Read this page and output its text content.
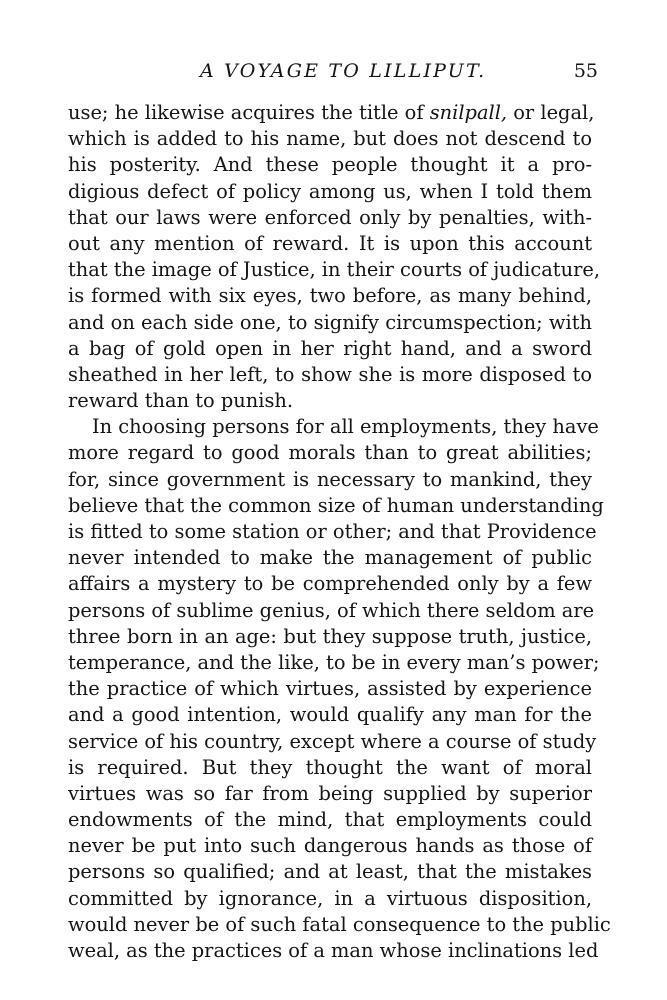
A VOYAGE TO LILLIPUT.	55
use; he likewise acquires the title of snilpall, or legal,
which is added to his name, but does not descend to
his posterity. And these people thought it a pro-
digious defect of policy among us, when I told them
that our laws were enforced only by penalties, with-
out any mention of reward. It is upon this account
that the image of Justice, in their courts of judicature,
is formed with six eyes, two before, as many behind,
and on each side one, to signify circumspection; with
a bag of gold open in her right hand, and a sword
sheathed in her left, to show she is more disposed to
reward than to punish.
In choosing persons for all employments, they have
more regard to good morals than to great abilities;
for, since government is necessary to mankind, they
believe that the common size of human understanding
is fitted to some station or other; and that Providence
never intended to make the management of public
affairs a mystery to be comprehended only by a few
persons of sublime genius, of which there seldom are
three born in an age: but they suppose truth, justice,
temperance, and the like, to be in every man’s power;
the practice of which virtues, assisted by experience
and a good intention, would qualify any man for the
service of his country, except where a course of study
is required. But they thought the want of moral
virtues was so far from being supplied by superior
endowments of the mind, that employments could
never be put into such dangerous hands as those of
persons so qualified; and at least, that the mistakes
committed by ignorance, in a virtuous disposition,
would never be of such fatal consequence to the public
weal, as the practices of a man whose inclinations led
